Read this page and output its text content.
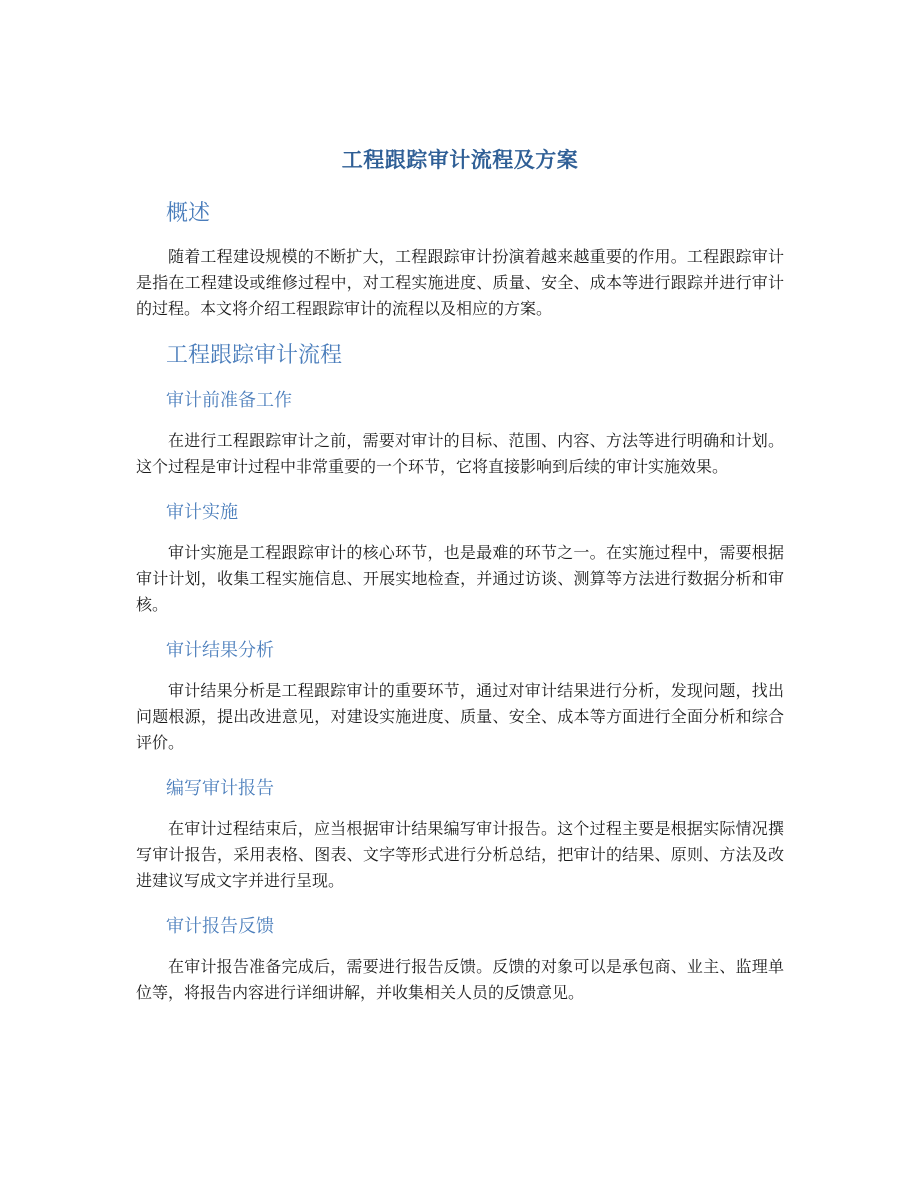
工程跟踪审计流程及方案
概述

随着工程建设规模的不断扩大，工程跟踪审计扮演着越来越重要的作用。工程跟踪审计是指在工程建设或维修过程中，对工程实施进度、质量、安全、成本等进行跟踪并进行审计的过程。本文将介绍工程跟踪审计的流程以及相应的方案。

工程跟踪审计流程
审计前准备工作

在进行工程跟踪审计之前，需要对审计的目标、范围、内容、方法等进行明确和计划。这个过程是审计过程中非常重要的一个环节，它将直接影响到后续的审计实施效果。

审计实施

审计实施是工程跟踪审计的核心环节，也是最难的环节之一。在实施过程中，需要根据审计计划，收集工程实施信息、开展实地检查，并通过访谈、测算等方法进行数据分析和审核。

审计结果分析

审计结果分析是工程跟踪审计的重要环节，通过对审计结果进行分析，发现问题，找出问题根源，提出改进意见，对建设实施进度、质量、安全、成本等方面进行全面分析和综合评价。

编写审计报告

在审计过程结束后，应当根据审计结果编写审计报告。这个过程主要是根据实际情况撰写审计报告，采用表格、图表、文字等形式进行分析总结，把审计的结果、原则、方法及改进建议写成文字并进行呈现。

审计报告反馈

在审计报告准备完成后，需要进行报告反馈。反馈的对象可以是承包商、业主、监理单位等，将报告内容进行详细讲解，并收集相关人员的反馈意见。
